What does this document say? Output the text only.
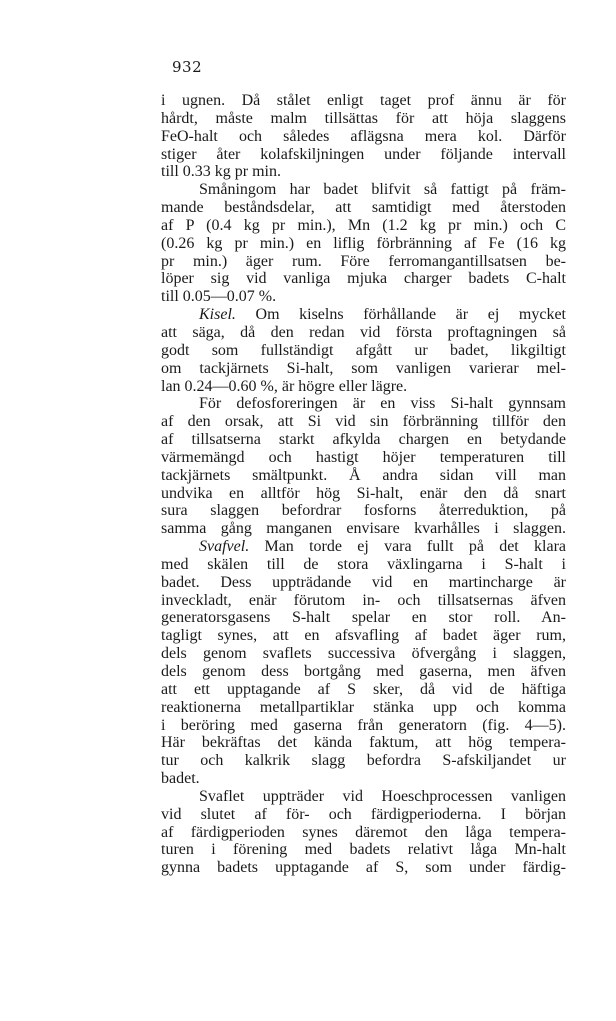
932
i ugnen. Då stålet enligt taget prof ännu är för
hårdt, måste malm tillsättas för att höja slaggens
FeO-halt och således aflägsna mera kol. Därför
stiger åter kolafskiljningen under följande intervall
till 0.33 kg pr min.
Småningom har badet blifvit så fattigt på främ-
mande beståndsdelar, att samtidigt med återstoden
af P (0.4 kg pr min.), Mn (1.2 kg pr min.) och C
(0.26 kg pr min.) en liflig förbränning af Fe (16 kg
pr min.) äger rum. Före ferromangantillsatsen be-
löper sig vid vanliga mjuka charger badets C-halt
till 0.05—0.07 %.
Kisel. Om kiselns förhållande är ej mycket
att säga, då den redan vid första proftagningen så
godt som fullständigt afgått ur badet, likgiltigt
om tackjärnets Si-halt, som vanligen varierar mel-
lan 0.24—0.60 %, är högre eller lägre.
För defosforeringen är en viss Si-halt gynnsam
af den orsak, att Si vid sin förbränning tillför den
af tillsatserna starkt afkylda chargen en betydande
värmemängd och hastigt höjer temperaturen till
tackjärnets smältpunkt. Å andra sidan vill man
undvika en alltför hög Si-halt, enär den då snart
sura slaggen befordrar fosforns återreduktion, på
samma gång manganen envisare kvarhålles i slaggen.
Svafvel. Man torde ej vara fullt på det klara
med skälen till de stora växlingarna i S-halt i
badet. Dess uppträdande vid en martincharge är
inveckladt, enär förutom in- och tillsatsernas äfven
generatorsgasens S-halt spelar en stor roll. An-
tagligt synes, att en afsvafling af badet äger rum,
dels genom svaflets successiva öfvergång i slaggen,
dels genom dess bortgång med gaserna, men äfven
att ett upptagande af S sker, då vid de häftiga
reaktionerna metallpartiklar stänka upp och komma
i beröring med gaserna från generatorn (fig. 4—5).
Här bekräftas det kända faktum, att hög tempera-
tur och kalkrik slagg befordra S-afskiljandet ur
badet.
Svaflet uppträder vid Hoeschprocessen vanligen
vid slutet af för- och färdigperioderna. I början
af färdigperioden synes däremot den låga tempera-
turen i förening med badets relativt låga Mn-halt
gynna badets upptagande af S, som under färdig-
